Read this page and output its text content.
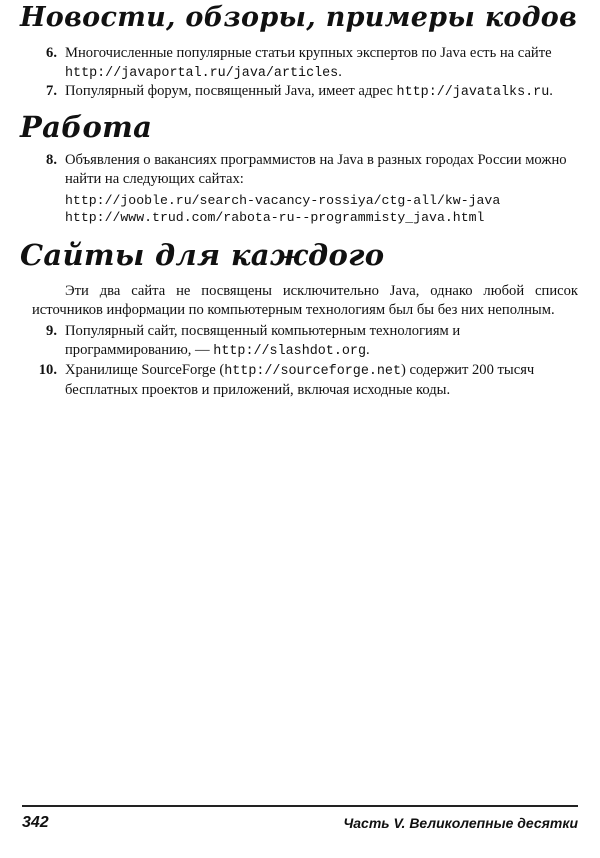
Новости, обзоры, примеры кодов
6. Многочисленные популярные статьи крупных экспертов по Java есть на сайте
http://javaportal.ru/java/articles.
7. Популярный форум, посвященный Java, имеет адрес http://javatalks.ru.
Работа
8. Объявления о вакансиях программистов на Java в разных городах России можно найти на следующих сайтах:
http://jooble.ru/search-vacancy-rossiya/ctg-all/kw-java
http://www.trud.com/rabota-ru--programmisty_java.html
Сайты для каждого
Эти два сайта не посвящены исключительно Java, однако любой список источников информации по компьютерным технологиям был бы без них неполным.
9. Популярный сайт, посвященный компьютерным технологиям и программированию, — http://slashdot.org.
10. Хранилище SourceForge (http://sourceforge.net) содержит 200 тысяч бесплатных проектов и приложений, включая исходные коды.
342	Часть V. Великолепные десятки
